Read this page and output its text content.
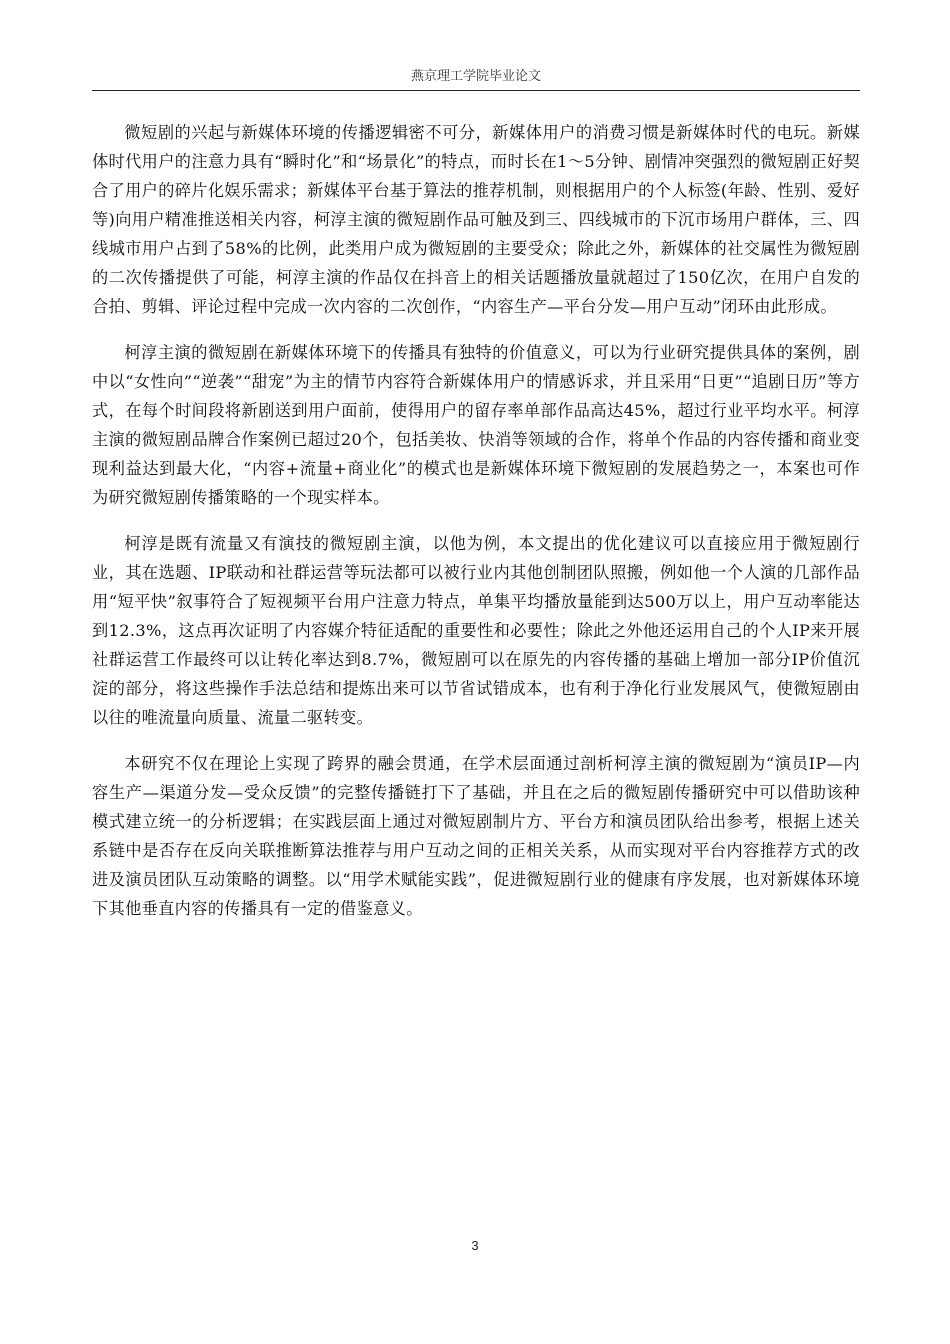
燕京理工学院毕业论文

微短剧的兴起与新媒体环境的传播逻辑密不可分，新媒体用户的消费习惯是新媒体时代的电玩。新媒体时代用户的注意力具有“瞬时化”和“场景化”的特点，而时长在1～5分钟、剧情冲突强烈的微短剧正好契合了用户的碎片化娱乐需求；新媒体平台基于算法的推荐机制，则根据用户的个人标签(年龄、性别、爱好等)向用户精准推送相关内容，柯淳主演的微短剧作品可触及到三、四线城市的下沉市场用户群体，三、四线城市用户占到了58%的比例，此类用户成为微短剧的主要受众；除此之外，新媒体的社交属性为微短剧的二次传播提供了可能，柯淳主演的作品仅在抖音上的相关话题播放量就超过了150亿次，在用户自发的合拍、剪辑、评论过程中完成一次内容的二次创作，“内容生产—平台分发—用户互动”闭环由此形成。

柯淳主演的微短剧在新媒体环境下的传播具有独特的价值意义，可以为行业研究提供具体的案例，剧中以“女性向”“逆袭”“甜宠”为主的情节内容符合新媒体用户的情感诉求，并且采用“日更”“追剧日历”等方式，在每个时间段将新剧送到用户面前，使得用户的留存率单部作品高达45%，超过行业平均水平。柯淳主演的微短剧品牌合作案例已超过20个，包括美妆、快消等领域的合作，将单个作品的内容传播和商业变现利益达到最大化，“内容+流量+商业化”的模式也是新媒体环境下微短剧的发展趋势之一，本案也可作为研究微短剧传播策略的一个现实样本。

柯淳是既有流量又有演技的微短剧主演，以他为例，本文提出的优化建议可以直接应用于微短剧行业，其在选题、IP联动和社群运营等玩法都可以被行业内其他创制团队照搬，例如他一个人演的几部作品用“短平快”叙事符合了短视频平台用户注意力特点，单集平均播放量能到达500万以上，用户互动率能达到12.3%，这点再次证明了内容媒介特征适配的重要性和必要性；除此之外他还运用自己的个人IP来开展社群运营工作最终可以让转化率达到8.7%，微短剧可以在原先的内容传播的基础上增加一部分IP价值沉淀的部分，将这些操作手法总结和提炼出来可以节省试错成本，也有利于净化行业发展风气，使微短剧由以往的唯流量向质量、流量二驱转变。

本研究不仅在理论上实现了跨界的融会贯通，在学术层面通过剖析柯淳主演的微短剧为“演员IP—内容生产—渠道分发—受众反馈”的完整传播链打下了基础，并且在之后的微短剧传播研究中可以借助该种模式建立统一的分析逻辑；在实践层面上通过对微短剧制片方、平台方和演员团队给出参考，根据上述关系链中是否存在反向关联推断算法推荐与用户互动之间的正相关关系，从而实现对平台内容推荐方式的改进及演员团队互动策略的调整。以“用学术赋能实践”，促进微短剧行业的健康有序发展，也对新媒体环境下其他垂直内容的传播具有一定的借鉴意义。

3
